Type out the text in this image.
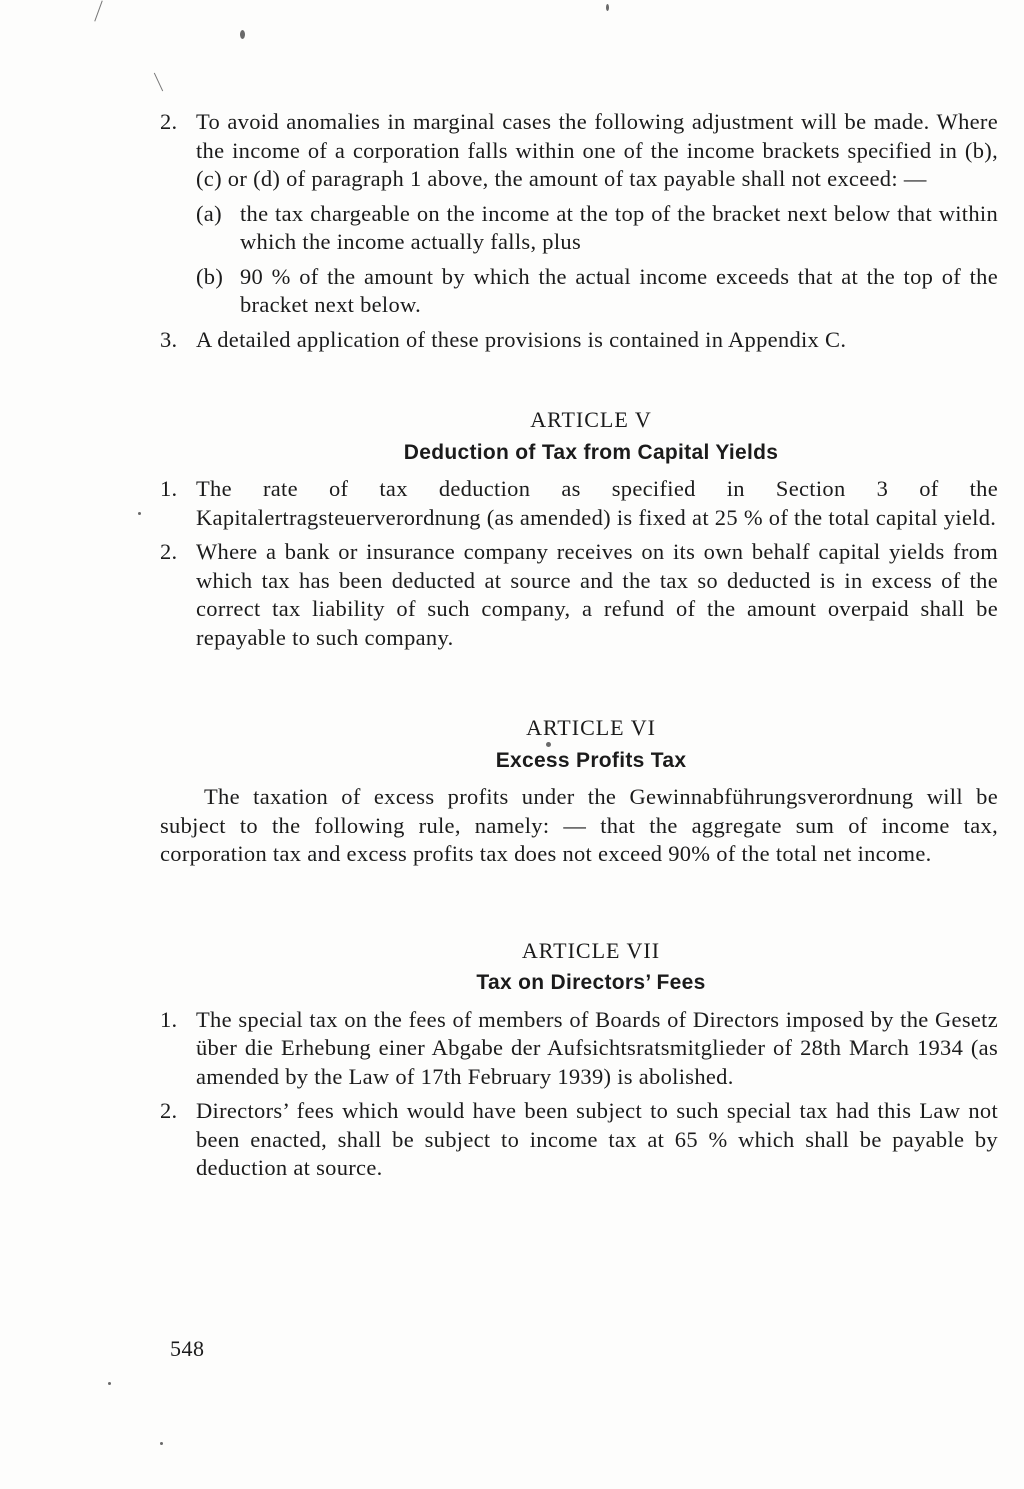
2. To avoid anomalies in marginal cases the following adjustment will be made. Where the income of a corporation falls within one of the income brackets specified in (b), (c) or (d) of paragraph 1 above, the amount of tax payable shall not exceed: —
(a) the tax chargeable on the income at the top of the bracket next below that within which the income actually falls, plus
(b) 90 % of the amount by which the actual income exceeds that at the top of the bracket next below.
3. A detailed application of these provisions is contained in Appendix C.
ARTICLE V
Deduction of Tax from Capital Yields
1. The rate of tax deduction as specified in Section 3 of the Kapitalertragsteuerverordnung (as amended) is fixed at 25 % of the total capital yield.
2. Where a bank or insurance company receives on its own behalf capital yields from which tax has been deducted at source and the tax so deducted is in excess of the correct tax liability of such company, a refund of the amount overpaid shall be repayable to such company.
ARTICLE VI
Excess Profits Tax
The taxation of excess profits under the Gewinnabführungsverordnung will be subject to the following rule, namely: — that the aggregate sum of income tax, corporation tax and excess profits tax does not exceed 90% of the total net income.
ARTICLE VII
Tax on Directors’ Fees
1. The special tax on the fees of members of Boards of Directors imposed by the Gesetz über die Erhebung einer Abgabe der Aufsichtsratsmitglieder of 28th March 1934 (as amended by the Law of 17th February 1939) is abolished.
2. Directors’ fees which would have been subject to such special tax had this Law not been enacted, shall be subject to income tax at 65 % which shall be payable by deduction at source.
548
